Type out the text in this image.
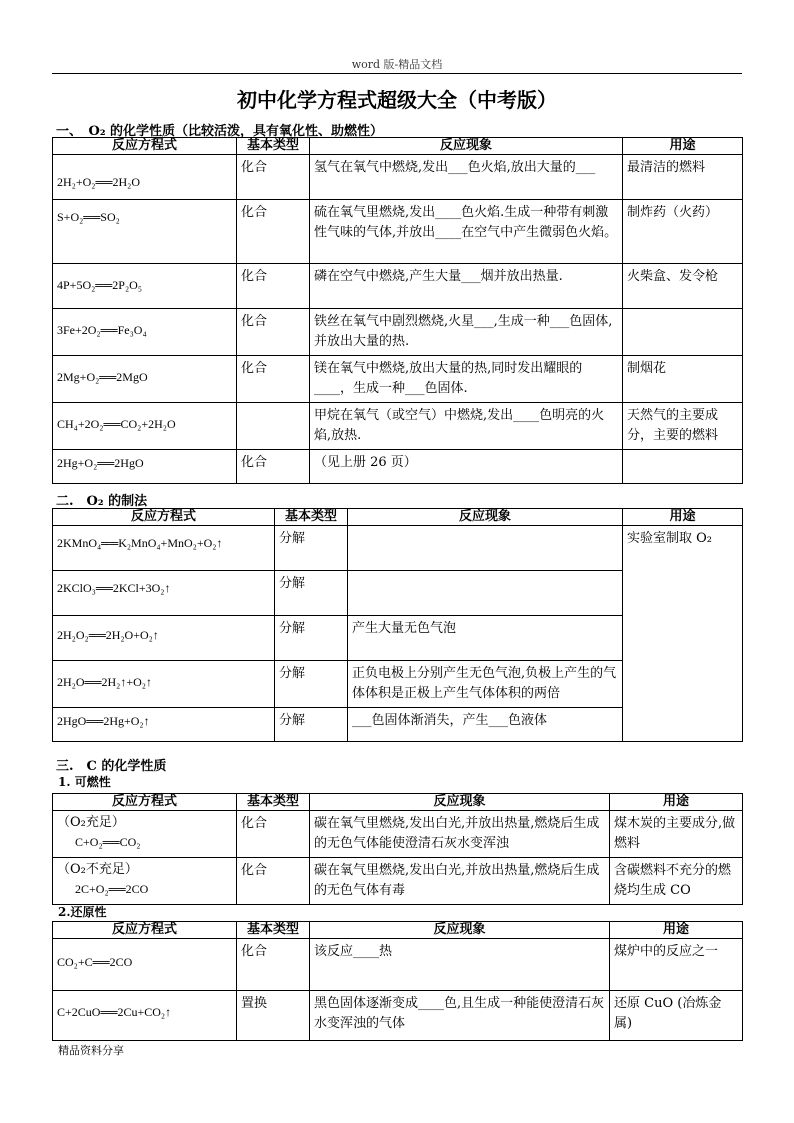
word 版-精品文档
初中化学方程式超级大全（中考版）
一、　O₂ 的化学性质（比较活泼，具有氧化性、助燃性）
反应方程式	基本类型	反应现象	用途

2H₂+O₂══2H₂O	化合	氢气在氧气中燃烧,发出___色火焰,放出大量的___	最清洁的燃料

S+O₂══SO₂	化合	硫在氧气里燃烧,发出____色火焰.生成一种带有刺激性气味的气体,并放出____在空气中产生微弱色火焰。	制炸药（火药）

4P+5O₂══2P₂O₅	化合	磷在空气中燃烧,产生大量___烟并放出热量.	火柴盒、发令枪

3Fe+2O₂══Fe₃O₄	化合	铁丝在氧气中剧烈燃烧,火星___,生成一种___色固体,并放出大量的热.	

2Mg+O₂══2MgO	化合	镁在氧气中燃烧,放出大量的热,同时发出耀眼的____，生成一种___色固体.	制烟花

CH₄+2O₂══CO₂+2H₂O		甲烷在氧气（或空气）中燃烧,发出____色明亮的火焰,放热.	天然气的主要成分，主要的燃料
2Hg+O₂══2HgO	化合	（见上册 26 页）	
二.　O₂ 的制法
反应方程式	基本类型	反应现象	用途

2KMnO₄══K₂MnO₄+MnO₂+O₂↑	分解		实验室制取 O₂

2KClO₃══2KCl+3O₂↑	分解		

2H₂O₂══2H₂O+O₂↑	分解	产生大量无色气泡	

2H₂O══2H₂↑+O₂↑	分解	正负电极上分别产生无色气泡,负极上产生的气体体积是正极上产生气体体积的两倍	
2HgO══2Hg+O₂↑	分解	___色固体渐消失，产生___色液体	
三.　C 的化学性质
1. 可燃性
反应方程式	基本类型	反应现象	用途

（O₂充足）
C+O₂══CO₂	化合	碳在氧气里燃烧,发出白光,并放出热量,燃烧后生成的无色气体能使澄清石灰水变浑浊	煤木炭的主要成分,做燃料

（O₂不充足）
2C+O₂══2CO	化合	碳在氧气里燃烧,发出白光,并放出热量,燃烧后生成的无色气体有毒	含碳燃料不充分的燃烧均生成 CO
2.还原性
反应方程式	基本类型	反应现象	用途

CO₂+C══2CO	化合	该反应____热	煤炉中的反应之一

C+2CuO══2Cu+CO₂↑	置换	黑色固体逐渐变成____色,且生成一种能使澄清石灰水变浑浊的气体	还原 CuO (冶炼金属)
精品资料分享
